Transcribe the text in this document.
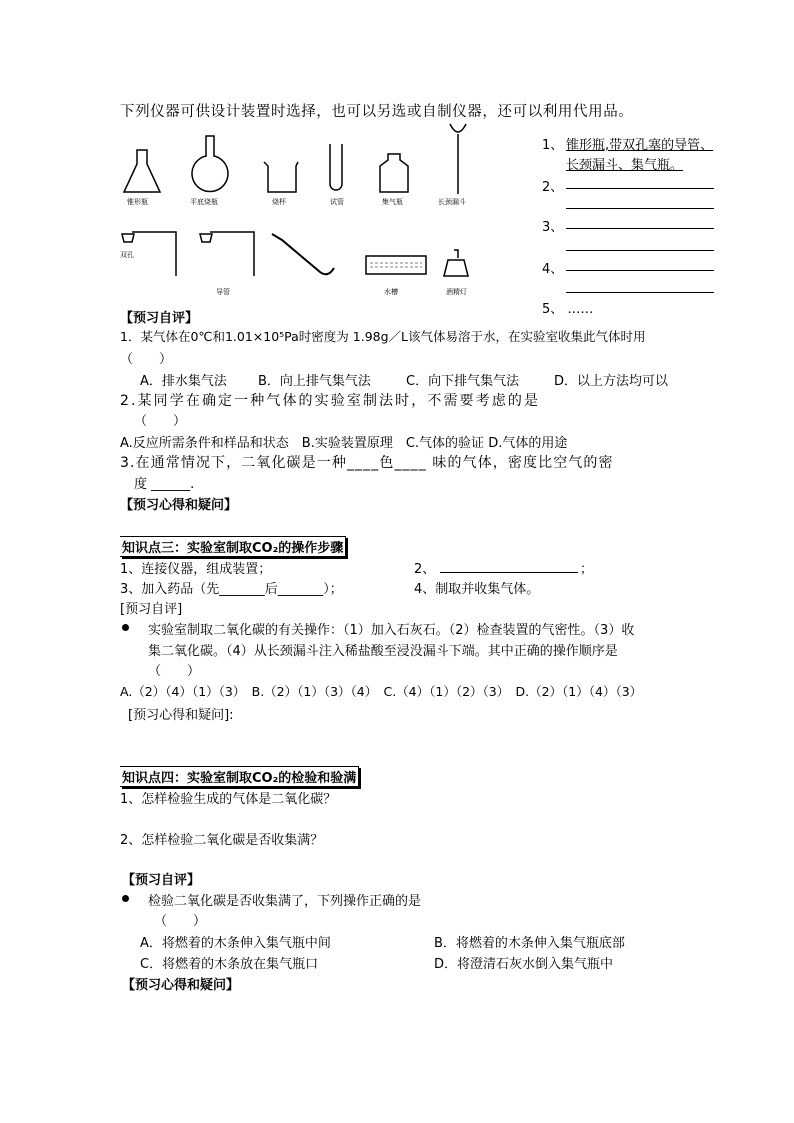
下列仪器可供设计装置时选择，也可以另选或自制仪器，还可以利用代用品。
锥形瓶	平底烧瓶	烧杯	试管	集气瓶	长颈漏斗
双孔
导管	水槽	酒精灯
1、 锥形瓶,带双孔塞的导管、
长颈漏斗、集气瓶。
2、
3、
4、
5、 ……
【预习自评】
1．某气体在0℃和1.01×10⁵Pa时密度为 1.98g／L该气体易溶于水，在实验室收集此气体时用
（　　）
A．排水集气法 B．向上排气集气法	C．向下排气集气法	D．以上方法均可以
2.某同学在确定一种气体的实验室制法时，不需要考虑的是
（　　）
A.反应所需条件和样品和状态　B.实验装置原理　C.气体的验证 D.气体的用途
3.在通常情况下，二氧化碳是一种____色____ 味的气体，密度比空气的密
度 ______.
【预习心得和疑问】
知识点三：实验室制取CO₂的操作步骤
1、连接仪器，组成装置；	2、	；
3、加入药品（先_______后_______）；	4、制取并收集气体。
[预习自评]
实验室制取二氧化碳的有关操作：（1）加入石灰石。（2）检查装置的气密性。（3）收
集二氧化碳。（4）从长颈漏斗注入稀盐酸至浸没漏斗下端。其中正确的操作顺序是
（　　）
A.（2）（4）（1）（3）　B.（2）（1）（3）（4）　C.（4）（1）（2）（3）　D.（2）（1）（4）（3）
[预习心得和疑问]:
知识点四：实验室制取CO₂的检验和验满
1、怎样检验生成的气体是二氧化碳？
2、怎样检验二氧化碳是否收集满？
【预习自评】
检验二氧化碳是否收集满了，下列操作正确的是
（　　）
A．将燃着的木条伸入集气瓶中间	B．将燃着的木条伸入集气瓶底部
C．将燃着的木条放在集气瓶口	D．将澄清石灰水倒入集气瓶中
【预习心得和疑问】
